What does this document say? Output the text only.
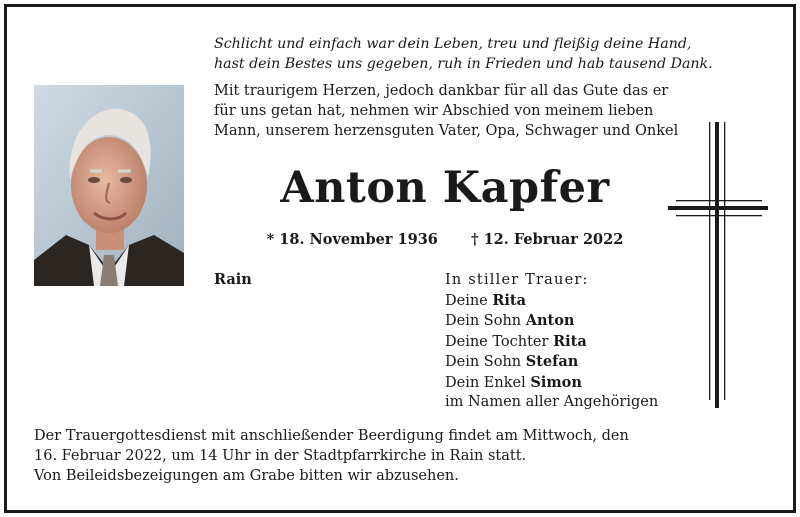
Schlicht und einfach war dein Leben, treu und fleißig deine Hand,
hast dein Bestes uns gegeben, ruh in Frieden und hab tausend Dank.
Mit traurigem Herzen, jedoch dankbar für all das Gute das er
für uns getan hat, nehmen wir Abschied von meinem lieben
Mann, unserem herzensguten Vater, Opa, Schwager und Onkel
Anton Kapfer
* 18. November 1936 † 12. Februar 2022
Rain	In stiller Trauer:
Deine Rita
Dein Sohn Anton
Deine Tochter Rita
Dein Sohn Stefan
Dein Enkel Simon
im Namen aller Angehörigen
Der Trauergottesdienst mit anschließender Beerdigung findet am Mittwoch, den
16. Februar 2022, um 14 Uhr in der Stadtpfarrkirche in Rain statt.
Von Beileidsbezeigungen am Grabe bitten wir abzusehen.
